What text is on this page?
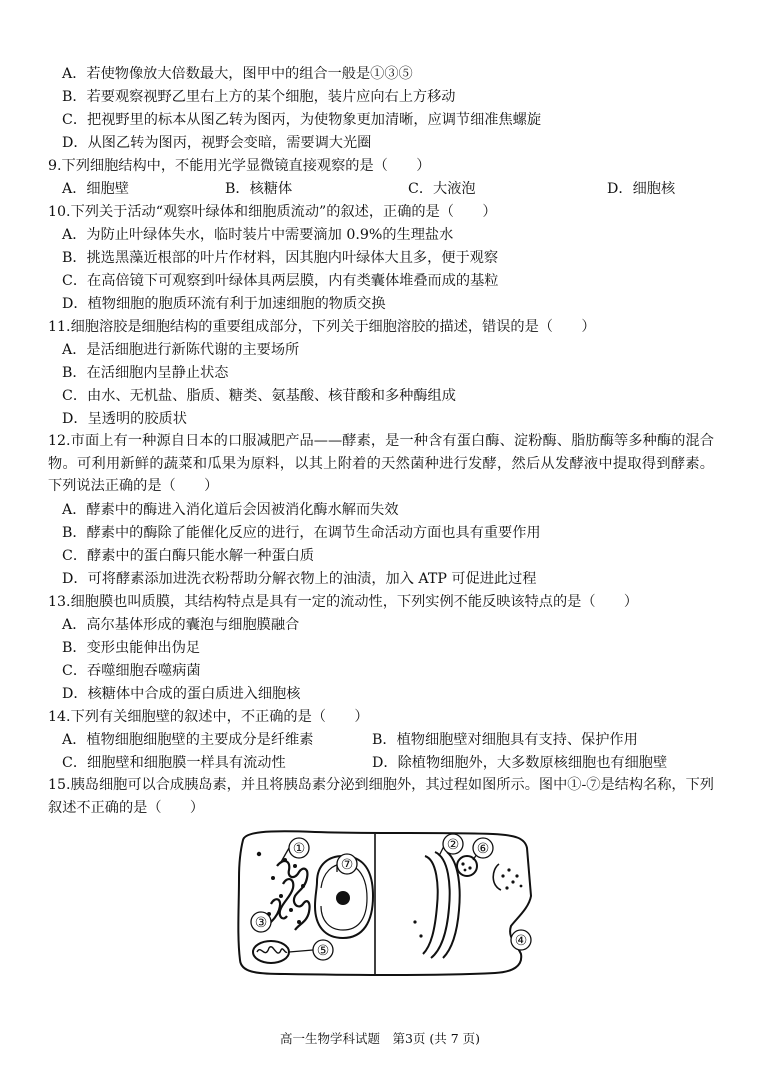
A．若使物像放大倍数最大，图甲中的组合一般是①③⑤
B．若要观察视野乙里右上方的某个细胞，装片应向右上方移动
C．把视野里的标本从图乙转为图丙，为使物象更加清晰，应调节细准焦螺旋
D．从图乙转为图丙，视野会变暗，需要调大光圈
9.下列细胞结构中，不能用光学显微镜直接观察的是（　　）
A．细胞壁	B．核糖体	C．大液泡	D．细胞核
10.下列关于活动“观察叶绿体和细胞质流动”的叙述，正确的是（　　）
A．为防止叶绿体失水，临时装片中需要滴加 0.9%的生理盐水
B．挑选黑藻近根部的叶片作材料，因其胞内叶绿体大且多，便于观察
C．在高倍镜下可观察到叶绿体具两层膜，内有类囊体堆叠而成的基粒
D．植物细胞的胞质环流有利于加速细胞的物质交换
11.细胞溶胶是细胞结构的重要组成部分，下列关于细胞溶胶的描述，错误的是（　　）
A．是活细胞进行新陈代谢的主要场所
B．在活细胞内呈静止状态
C．由水、无机盐、脂质、糖类、氨基酸、核苷酸和多种酶组成
D．呈透明的胶质状
12.市面上有一种源自日本的口服减肥产品——酵素，是一种含有蛋白酶、淀粉酶、脂肪酶等多种酶的混合物。可利用新鲜的蔬菜和瓜果为原料，以其上附着的天然菌种进行发酵，然后从发酵液中提取得到酵素。下列说法正确的是（　　）
A．酵素中的酶进入消化道后会因被消化酶水解而失效
B．酵素中的酶除了能催化反应的进行，在调节生命活动方面也具有重要作用
C．酵素中的蛋白酶只能水解一种蛋白质
D．可将酵素添加进洗衣粉帮助分解衣物上的油渍，加入 ATP 可促进此过程
13.细胞膜也叫质膜，其结构特点是具有一定的流动性，下列实例不能反映该特点的是（　　）
A．高尔基体形成的囊泡与细胞膜融合
B．变形虫能伸出伪足
C．吞噬细胞吞噬病菌
D．核糖体中合成的蛋白质进入细胞核
14.下列有关细胞壁的叙述中，不正确的是（　　）
A．植物细胞细胞壁的主要成分是纤维素	B．植物细胞壁对细胞具有支持、保护作用
C．细胞壁和细胞膜一样具有流动性	D．除植物细胞外，大多数原核细胞也有细胞壁
15.胰岛细胞可以合成胰岛素，并且将胰岛素分泌到细胞外，其过程如图所示。图中①-⑦是结构名称，下列叙述不正确的是（　　）
①	②
③
④
⑤
⑥
⑦
高一生物学科试题　第3页 (共 7 页)
